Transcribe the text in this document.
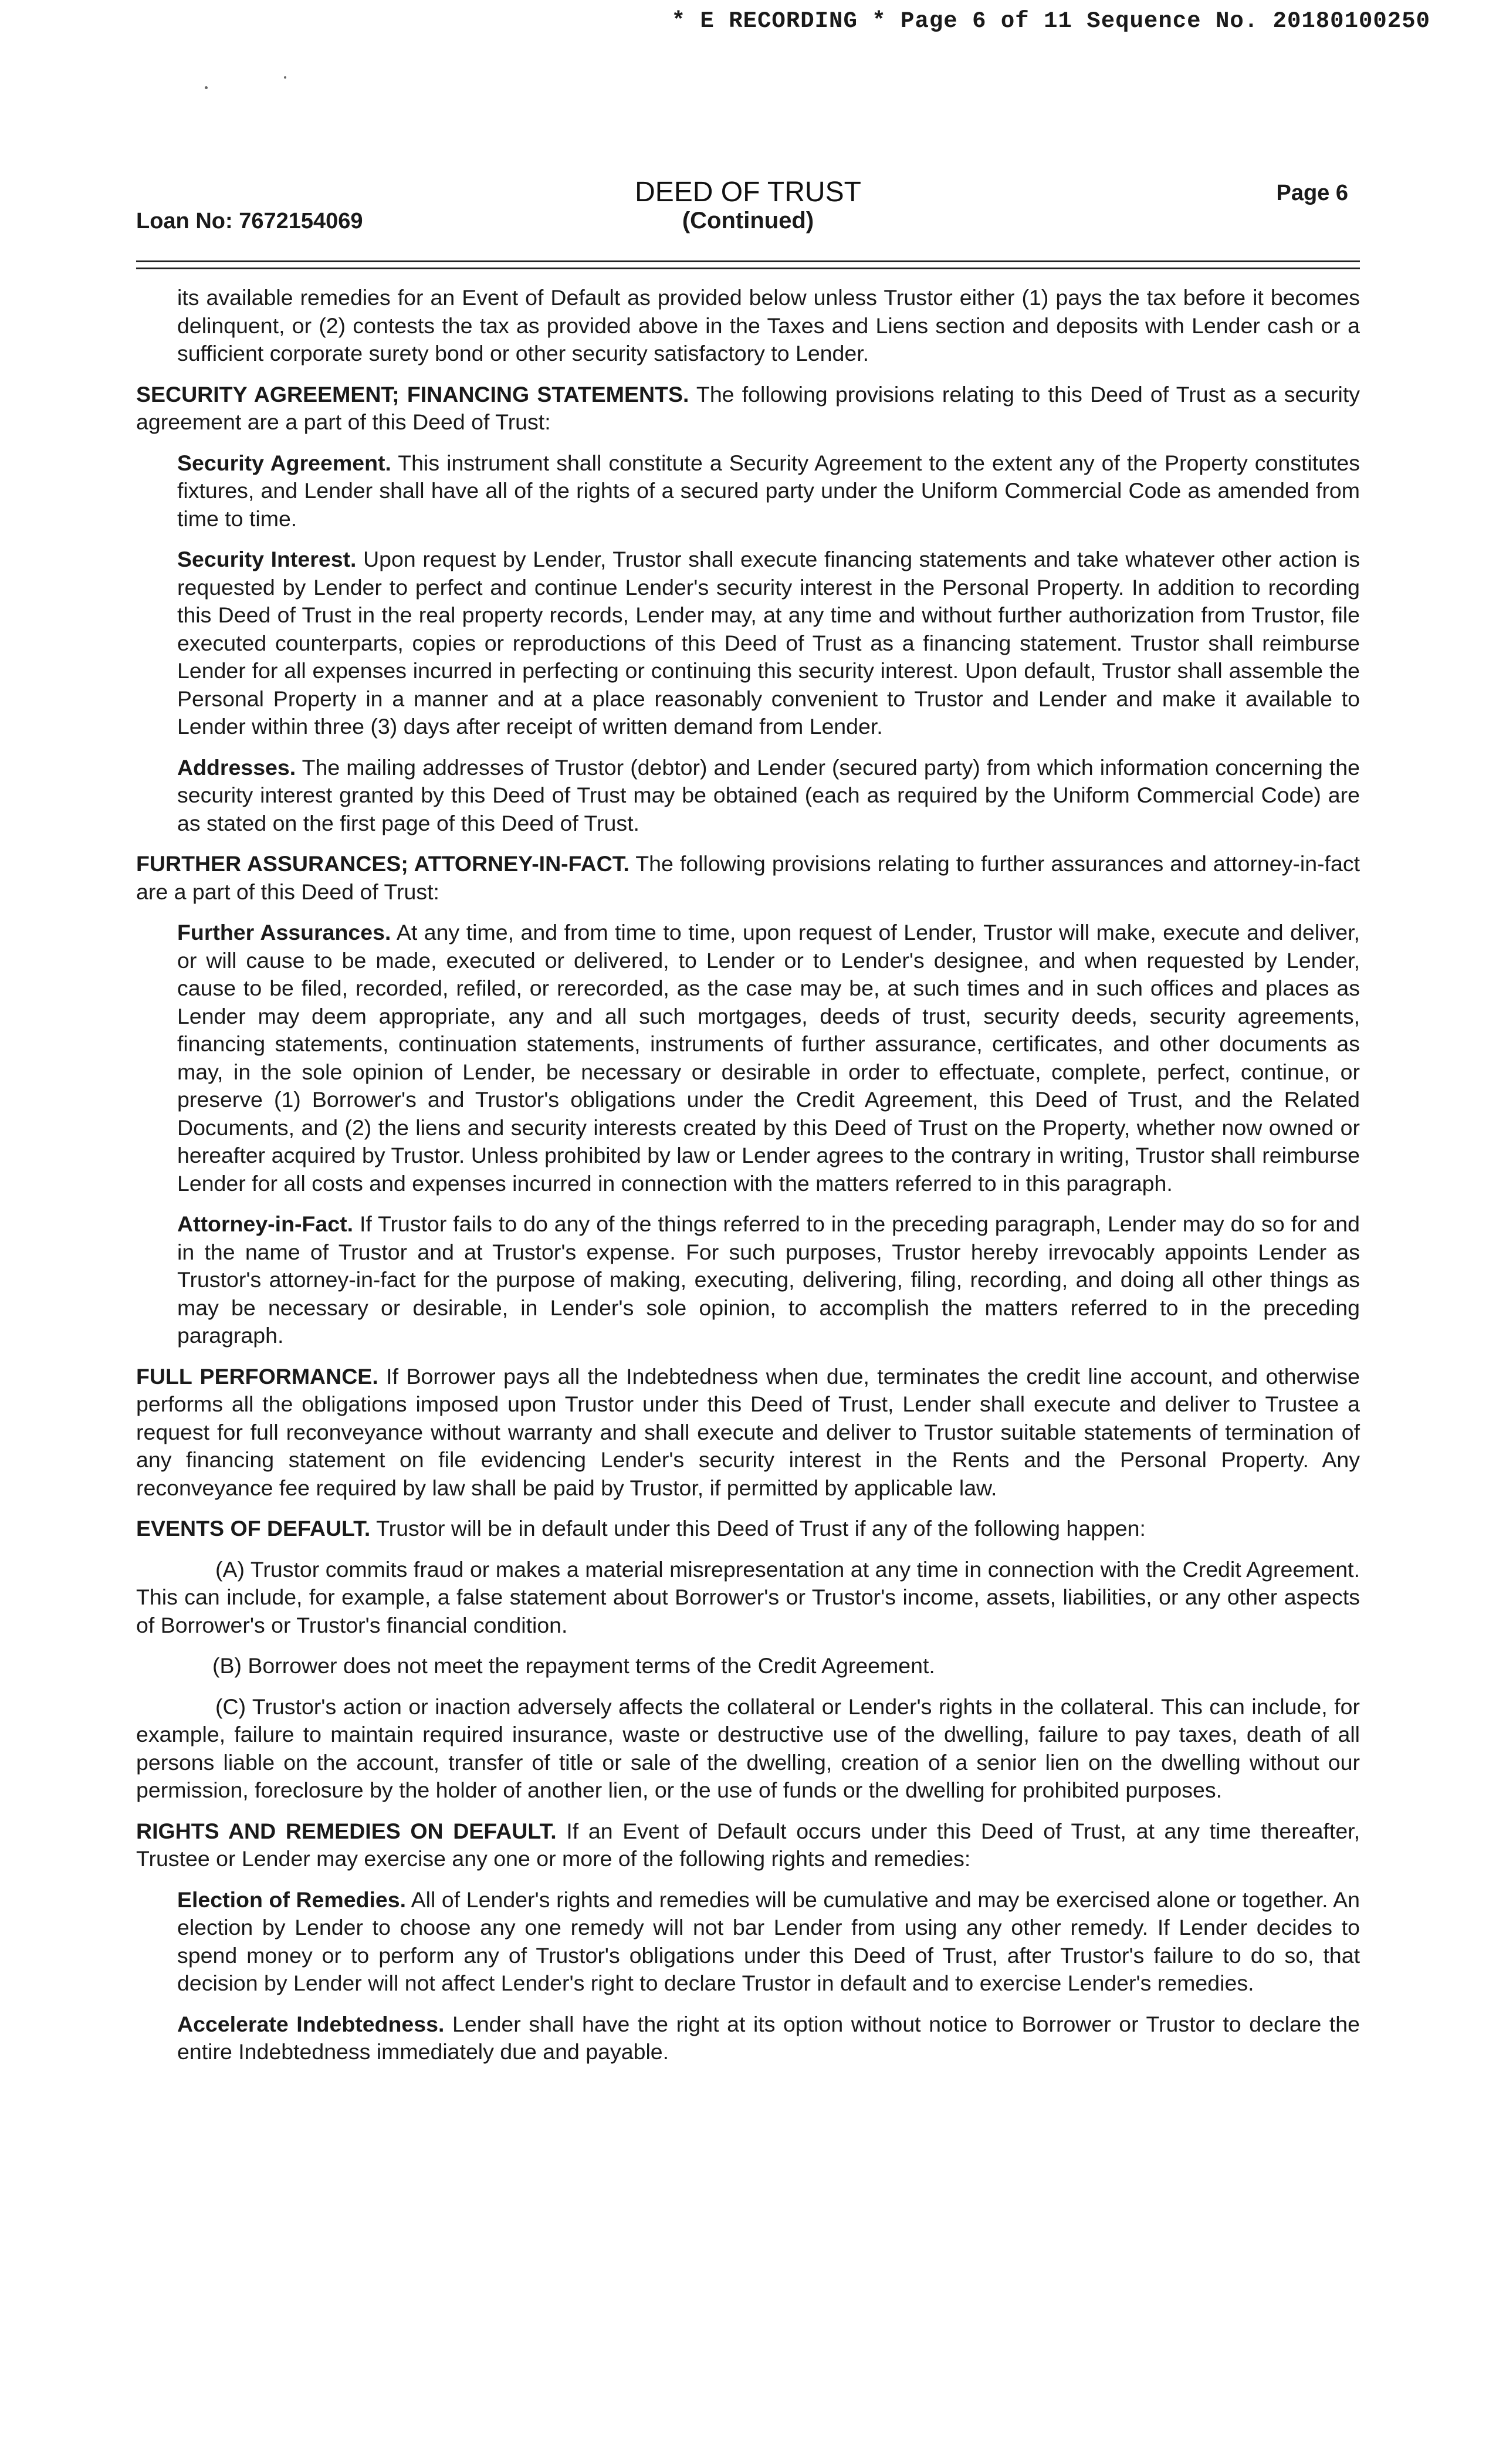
* E RECORDING * Page 6 of 11 Sequence No. 20180100250
DEED OF TRUST
(Continued)
Loan No: 7672154069
Page 6

its available remedies for an Event of Default as provided below unless Trustor either (1) pays the tax before it becomes delinquent, or (2) contests the tax as provided above in the Taxes and Liens section and deposits with Lender cash or a sufficient corporate surety bond or other security satisfactory to Lender.

SECURITY AGREEMENT; FINANCING STATEMENTS. The following provisions relating to this Deed of Trust as a security agreement are a part of this Deed of Trust:

Security Agreement. This instrument shall constitute a Security Agreement to the extent any of the Property constitutes fixtures, and Lender shall have all of the rights of a secured party under the Uniform Commercial Code as amended from time to time.

Security Interest. Upon request by Lender, Trustor shall execute financing statements and take whatever other action is requested by Lender to perfect and continue Lender's security interest in the Personal Property. In addition to recording this Deed of Trust in the real property records, Lender may, at any time and without further authorization from Trustor, file executed counterparts, copies or reproductions of this Deed of Trust as a financing statement. Trustor shall reimburse Lender for all expenses incurred in perfecting or continuing this security interest. Upon default, Trustor shall assemble the Personal Property in a manner and at a place reasonably convenient to Trustor and Lender and make it available to Lender within three (3) days after receipt of written demand from Lender.

Addresses. The mailing addresses of Trustor (debtor) and Lender (secured party) from which information concerning the security interest granted by this Deed of Trust may be obtained (each as required by the Uniform Commercial Code) are as stated on the first page of this Deed of Trust.

FURTHER ASSURANCES; ATTORNEY-IN-FACT. The following provisions relating to further assurances and attorney-in-fact are a part of this Deed of Trust:

Further Assurances. At any time, and from time to time, upon request of Lender, Trustor will make, execute and deliver, or will cause to be made, executed or delivered, to Lender or to Lender's designee, and when requested by Lender, cause to be filed, recorded, refiled, or rerecorded, as the case may be, at such times and in such offices and places as Lender may deem appropriate, any and all such mortgages, deeds of trust, security deeds, security agreements, financing statements, continuation statements, instruments of further assurance, certificates, and other documents as may, in the sole opinion of Lender, be necessary or desirable in order to effectuate, complete, perfect, continue, or preserve (1) Borrower's and Trustor's obligations under the Credit Agreement, this Deed of Trust, and the Related Documents, and (2) the liens and security interests created by this Deed of Trust on the Property, whether now owned or hereafter acquired by Trustor. Unless prohibited by law or Lender agrees to the contrary in writing, Trustor shall reimburse Lender for all costs and expenses incurred in connection with the matters referred to in this paragraph.

Attorney-in-Fact. If Trustor fails to do any of the things referred to in the preceding paragraph, Lender may do so for and in the name of Trustor and at Trustor's expense. For such purposes, Trustor hereby irrevocably appoints Lender as Trustor's attorney-in-fact for the purpose of making, executing, delivering, filing, recording, and doing all other things as may be necessary or desirable, in Lender's sole opinion, to accomplish the matters referred to in the preceding paragraph.

FULL PERFORMANCE. If Borrower pays all the Indebtedness when due, terminates the credit line account, and otherwise performs all the obligations imposed upon Trustor under this Deed of Trust, Lender shall execute and deliver to Trustee a request for full reconveyance without warranty and shall execute and deliver to Trustor suitable statements of termination of any financing statement on file evidencing Lender's security interest in the Rents and the Personal Property. Any reconveyance fee required by law shall be paid by Trustor, if permitted by applicable law.

EVENTS OF DEFAULT. Trustor will be in default under this Deed of Trust if any of the following happen:

(A) Trustor commits fraud or makes a material misrepresentation at any time in connection with the Credit Agreement. This can include, for example, a false statement about Borrower's or Trustor's income, assets, liabilities, or any other aspects of Borrower's or Trustor's financial condition.

(B) Borrower does not meet the repayment terms of the Credit Agreement.

(C) Trustor's action or inaction adversely affects the collateral or Lender's rights in the collateral. This can include, for example, failure to maintain required insurance, waste or destructive use of the dwelling, failure to pay taxes, death of all persons liable on the account, transfer of title or sale of the dwelling, creation of a senior lien on the dwelling without our permission, foreclosure by the holder of another lien, or the use of funds or the dwelling for prohibited purposes.

RIGHTS AND REMEDIES ON DEFAULT. If an Event of Default occurs under this Deed of Trust, at any time thereafter, Trustee or Lender may exercise any one or more of the following rights and remedies:

Election of Remedies. All of Lender's rights and remedies will be cumulative and may be exercised alone or together. An election by Lender to choose any one remedy will not bar Lender from using any other remedy. If Lender decides to spend money or to perform any of Trustor's obligations under this Deed of Trust, after Trustor's failure to do so, that decision by Lender will not affect Lender's right to declare Trustor in default and to exercise Lender's remedies.

Accelerate Indebtedness. Lender shall have the right at its option without notice to Borrower or Trustor to declare the entire Indebtedness immediately due and payable.
